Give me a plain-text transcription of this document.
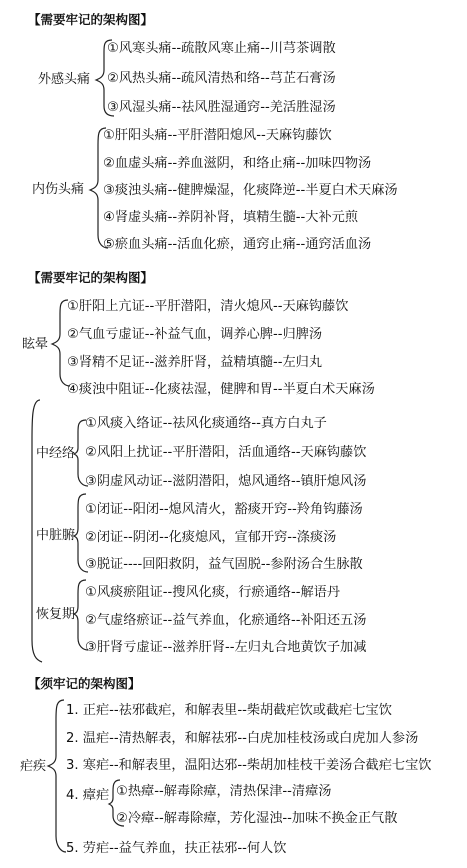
【需要牢记的架构图】
外感头痛
①风寒头痛--疏散风寒止痛--川芎茶调散
②风热头痛--疏风清热和络--芎芷石膏汤
③风湿头痛--祛风胜湿通窍--羌活胜湿汤
内伤头痛
①肝阳头痛--平肝潜阳熄风--天麻钩藤饮
②血虚头痛--养血滋阴，和络止痛--加味四物汤
③痰浊头痛--健脾燥湿，化痰降逆--半夏白术天麻汤
④肾虚头痛--养阴补肾，填精生髓--大补元煎
⑤瘀血头痛--活血化瘀，通窍止痛--通窍活血汤
【需要牢记的架构图】
眩晕
①肝阳上亢证--平肝潜阳，清火熄风--天麻钩藤饮
②气血亏虚证--补益气血，调养心脾--归脾汤
③肾精不足证--滋养肝肾，益精填髓--左归丸
④痰浊中阻证--化痰祛湿，健脾和胃--半夏白术天麻汤
中经络
①风痰入络证--祛风化痰通络--真方白丸子
②风阳上扰证--平肝潜阳，活血通络--天麻钩藤饮
③阴虚风动证--滋阴潜阳，熄风通络--镇肝熄风汤
中脏腑
①闭证--阳闭--熄风清火，豁痰开窍--羚角钩藤汤
②闭证--阴闭--化痰熄风，宣郁开窍--涤痰汤
③脱证----回阳救阴，益气固脱--参附汤合生脉散
恢复期
①风痰瘀阻证--搜风化痰，行瘀通络--解语丹
②气虚络瘀证--益气养血，化瘀通络--补阳还五汤
③肝肾亏虚证--滋养肝肾--左归丸合地黄饮子加减
【须牢记的架构图】
疟疾
1. 正疟--祛邪截疟，和解表里--柴胡截疟饮或截疟七宝饮
2. 温疟--清热解表，和解祛邪--白虎加桂枝汤或白虎加人参汤
3. 寒疟--和解表里，温阳达邪--柴胡加桂枝干姜汤合截疟七宝饮
4. 瘴疟 ①热瘴--解毒除瘴，清热保津--清瘴汤
②冷瘴--解毒除瘴，芳化湿浊--加味不换金正气散
5. 劳疟--益气养血，扶正祛邪--何人饮
